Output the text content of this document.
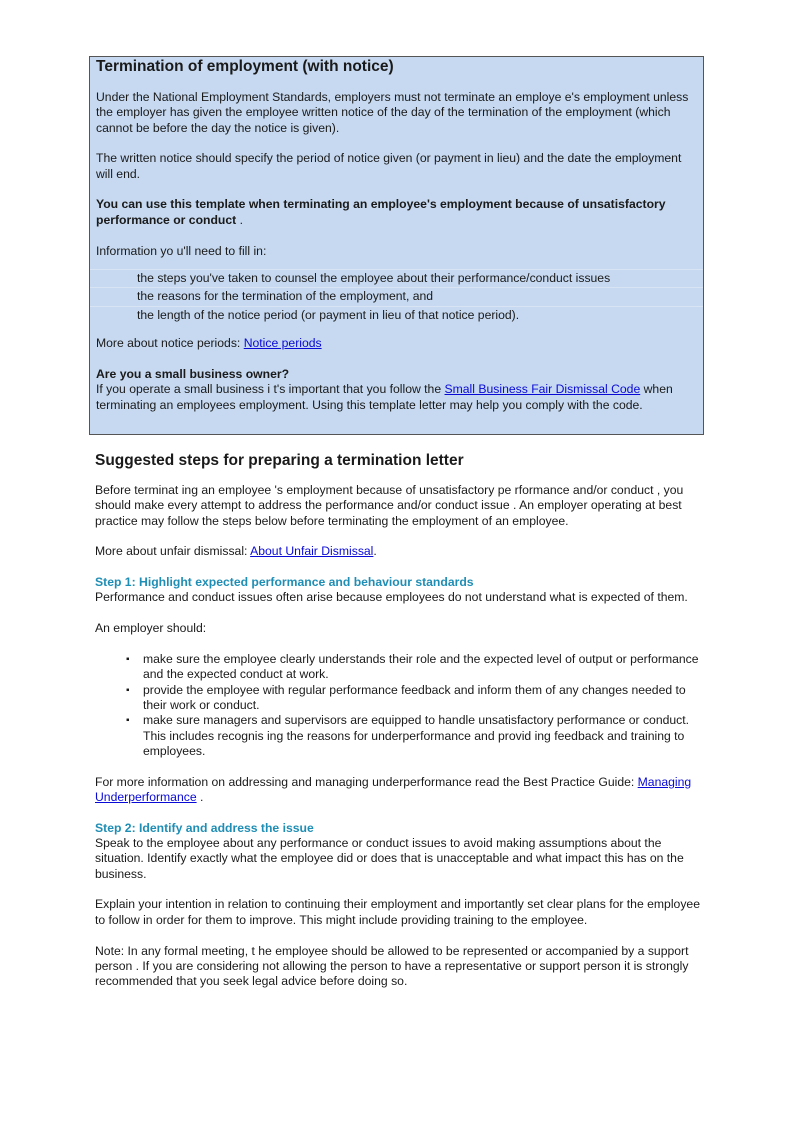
Termination of employment (with notice)

Under the National Employment Standards, employers must not terminate an employe e's employment unless the employer has given the employee written notice of the day of the termination of the employment (which cannot be before the day the notice is given).

The written notice should specify the period of notice given (or payment in lieu) and the date the employment will end.

You can use this template when terminating an employee's employment because of unsatisfactory performance or conduct .

Information yo u'll need to fill in:

the steps you've taken to counsel the employee about their performance/conduct issues
the reasons for the termination of the employment, and
the length of the notice period (or payment in lieu of that notice period).

More about notice periods: Notice periods

Are you a small business owner?

If you operate a small business i t's important that you follow the Small Business Fair Dismissal Code when terminating an employees employment. Using this template letter may help you comply with the code.

Suggested steps for preparing a termination letter

Before terminat ing an employee 's employment because of unsatisfactory pe rformance and/or conduct , you should make every attempt to address the performance and/or conduct issue . An employer operating at best practice may follow the steps below before terminating the employment of an employee.

More about unfair dismissal: About Unfair Dismissal.

Step 1: Highlight expected performance and behaviour standards

Performance and conduct issues often arise because employees do not understand what is expected of them.

An employer should:

▪ make sure the employee clearly understands their role and the expected level of output or performance and the expected conduct at work.
▪ provide the employee with regular performance feedback and inform them of any changes needed to their work or conduct.
▪ make sure managers and supervisors are equipped to handle unsatisfactory performance or conduct. This includes recognis ing the reasons for underperformance and provid ing feedback and training to employees.

For more information on addressing and managing underperformance read the Best Practice Guide: Managing Underperformance .

Step 2: Identify and address the issue

Speak to the employee about any performance or conduct issues to avoid making assumptions about the situation. Identify exactly what the employee did or does that is unacceptable and what impact this has on the business.

Explain your intention in relation to continuing their employment and importantly set clear plans for the employee to follow in order for them to improve. This might include providing training to the employee.

Note: In any formal meeting, t he employee should be allowed to be represented or accompanied by a support person . If you are considering not allowing the person to have a representative or support person it is strongly recommended that you seek legal advice before doing so.
